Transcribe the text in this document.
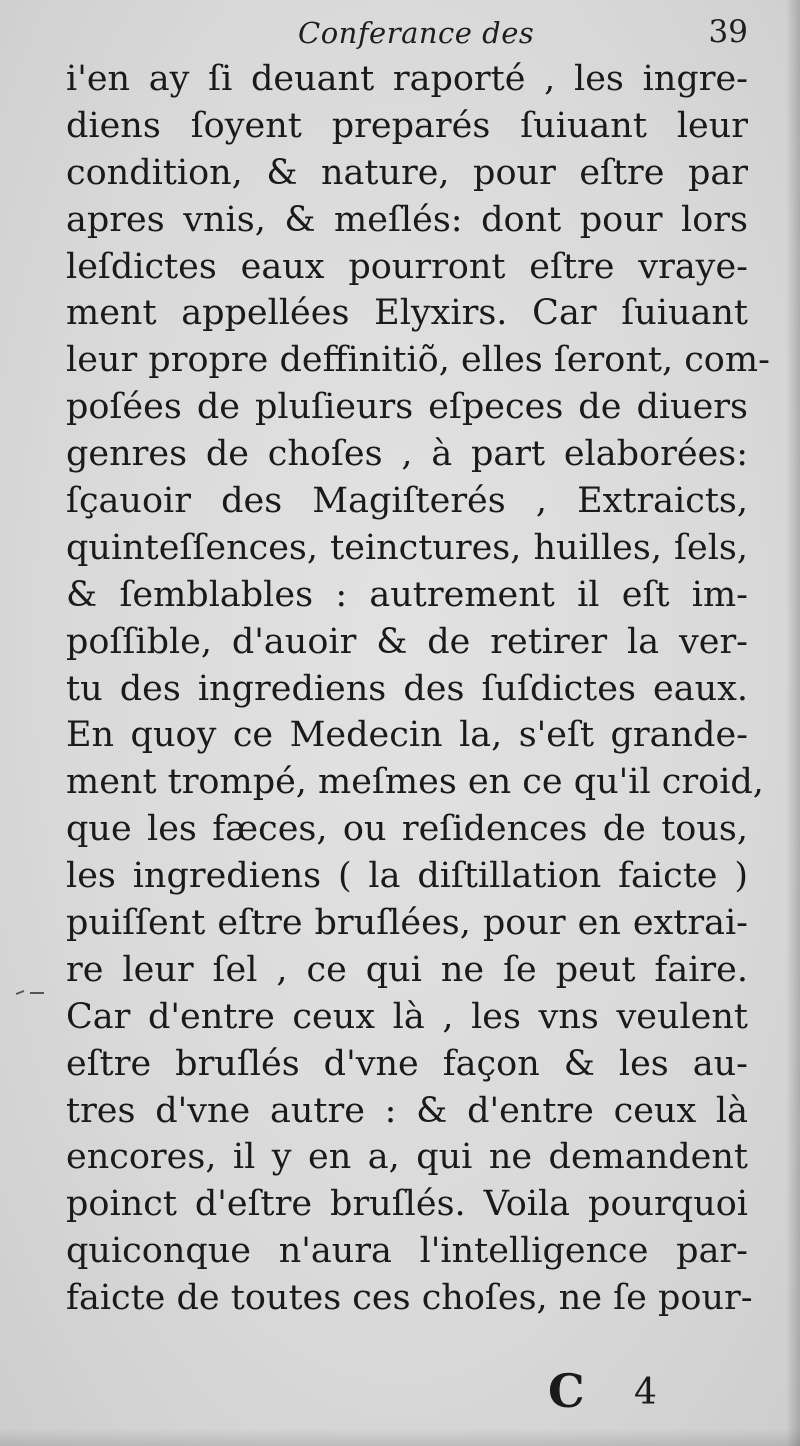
Conferance des	39
i'en ay ſi deuant raporté , les ingre-
diens ſoyent preparés ſuiuant leur
condition, & nature, pour eſtre par
apres vnis, & meſlés: dont pour lors
leſdictes eaux pourront eſtre vraye-
ment appellées Elyxirs. Car ſuiuant
leur propre deffinitiõ, elles ſeront, com-
poſées de pluſieurs eſpeces de diuers
genres de choſes , à part elaborées:
ſçauoir des Magiſterés , Extraicts,
quinteſſences, teinctures, huilles, ſels,
& ſemblables : autrement il eſt im-
poſſible, d'auoir & de retirer la ver-
tu des ingrediens des ſuſdictes eaux.
En quoy ce Medecin la, s'eſt grande-
ment trompé, meſmes en ce qu'il croid,
que les fæces, ou reſidences de tous,
les ingrediens ( la diſtillation faicte )
puiſſent eſtre bruſlées, pour en extrai-
re leur ſel , ce qui ne ſe peut faire.
Car d'entre ceux là , les vns veulent
eſtre bruſlés d'vne façon & les au-
tres d'vne autre : & d'entre ceux là
encores, il y en a, qui ne demandent
poinct d'eſtre bruſlés. Voila pourquoi
quiconque n'aura l'intelligence par-
faicte de toutes ces choſes, ne ſe pour-
C 4
